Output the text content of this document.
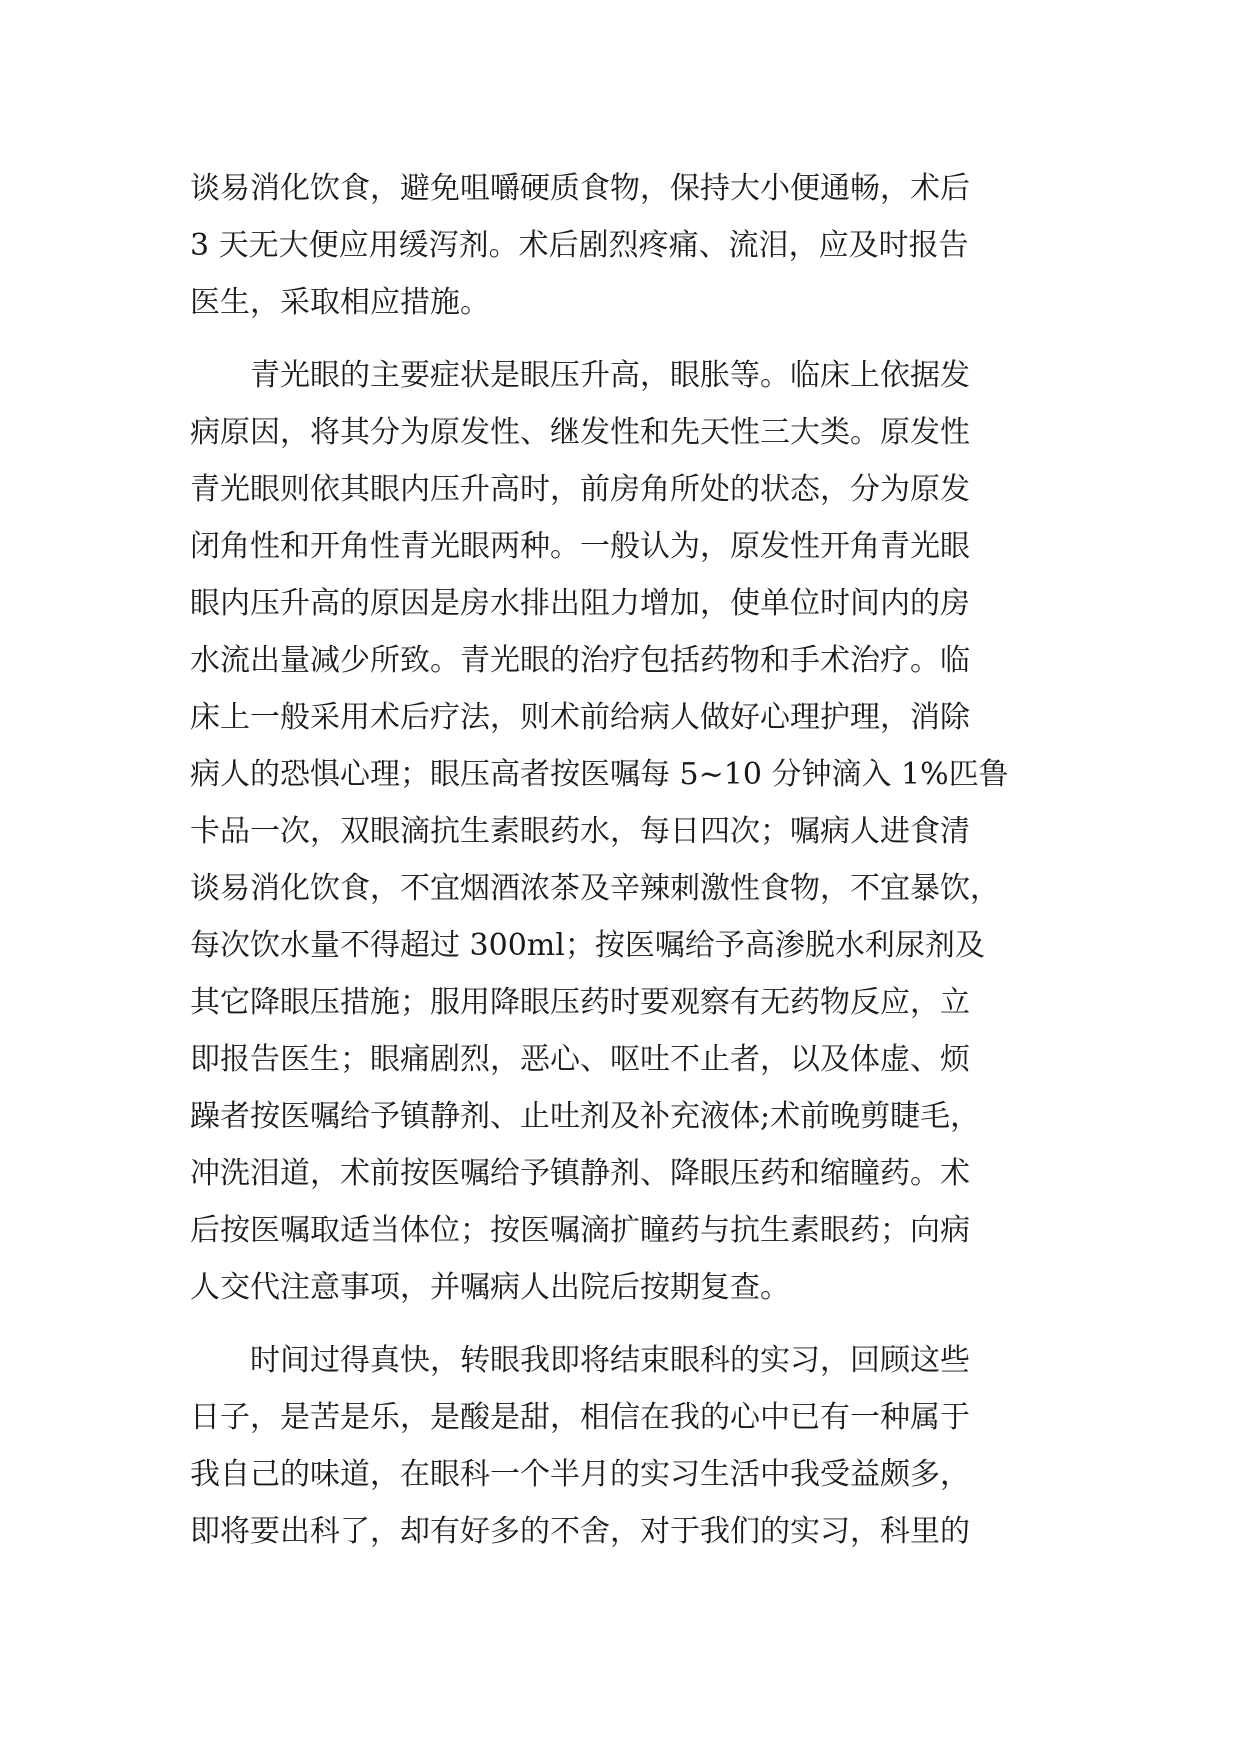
谈易消化饮食，避免咀嚼硬质食物，保持大小便通畅，术后
3 天无大便应用缓泻剂。术后剧烈疼痛、流泪，应及时报告
医生，采取相应措施。
　　青光眼的主要症状是眼压升高，眼胀等。临床上依据发
病原因，将其分为原发性、继发性和先天性三大类。原发性
青光眼则依其眼内压升高时，前房角所处的状态，分为原发
闭角性和开角性青光眼两种。一般认为，原发性开角青光眼
眼内压升高的原因是房水排出阻力增加，使单位时间内的房
水流出量减少所致。青光眼的治疗包括药物和手术治疗。临
床上一般采用术后疗法，则术前给病人做好心理护理，消除
病人的恐惧心理；眼压高者按医嘱每 5~10 分钟滴入 1%匹鲁
卡品一次，双眼滴抗生素眼药水，每日四次；嘱病人进食清
谈易消化饮食，不宜烟酒浓茶及辛辣刺激性食物，不宜暴饮，
每次饮水量不得超过 300ml；按医嘱给予高渗脱水利尿剂及
其它降眼压措施；服用降眼压药时要观察有无药物反应，立
即报告医生；眼痛剧烈，恶心、呕吐不止者，以及体虚、烦
躁者按医嘱给予镇静剂、止吐剂及补充液体;术前晚剪睫毛，
冲洗泪道，术前按医嘱给予镇静剂、降眼压药和缩瞳药。术
后按医嘱取适当体位；按医嘱滴扩瞳药与抗生素眼药；向病
人交代注意事项，并嘱病人出院后按期复查。
　　时间过得真快，转眼我即将结束眼科的实习，回顾这些
日子，是苦是乐，是酸是甜，相信在我的心中已有一种属于
我自己的味道，在眼科一个半月的实习生活中我受益颇多，
即将要出科了，却有好多的不舍，对于我们的实习，科里的
